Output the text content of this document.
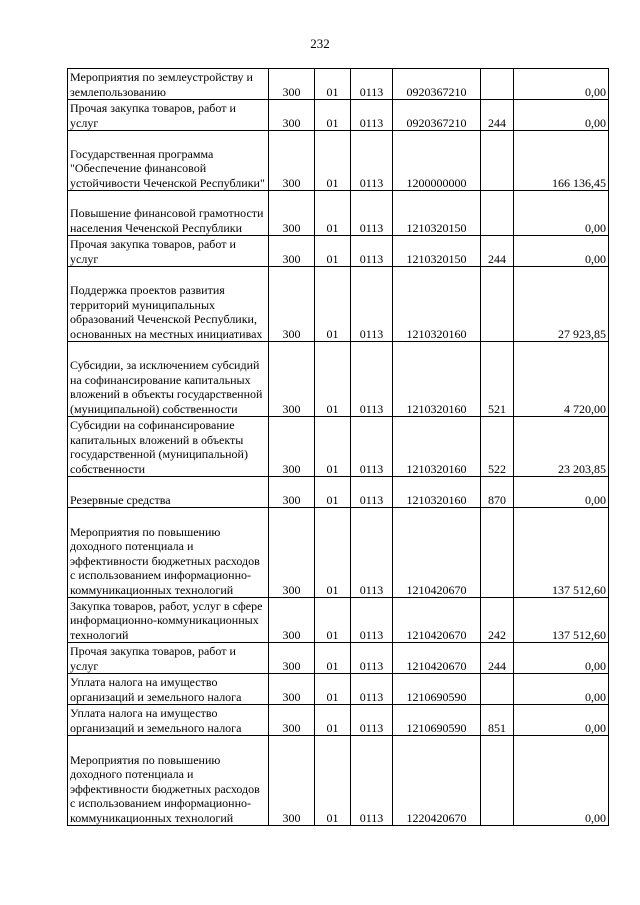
232
Мероприятия по землеустройству и землепользованию	300	01	0113	0920367210		0,00
Прочая закупка товаров, работ и услуг	300	01	0113	0920367210	244	0,00
Государственная программа "Обеспечение финансовой устойчивости Чеченской Республики"	300	01	0113	1200000000		166 136,45
Повышение финансовой грамотности населения Чеченской Республики	300	01	0113	1210320150		0,00
Прочая закупка товаров, работ и услуг	300	01	0113	1210320150	244	0,00
Поддержка проектов развития территорий муниципальных образований Чеченской Республики, основанных на местных инициативах	300	01	0113	1210320160		27 923,85
Субсидии, за исключением субсидий на софинансирование капитальных вложений в объекты государственной (муниципальной) собственности	300	01	0113	1210320160	521	4 720,00
Субсидии на софинансирование капитальных вложений в объекты государственной (муниципальной) собственности	300	01	0113	1210320160	522	23 203,85
Резервные средства	300	01	0113	1210320160	870	0,00
Мероприятия по повышению доходного потенциала и эффективности бюджетных расходов с использованием информационно-коммуникационных технологий	300	01	0113	1210420670		137 512,60
Закупка товаров, работ, услуг в сфере информационно-коммуникационных технологий	300	01	0113	1210420670	242	137 512,60
Прочая закупка товаров, работ и услуг	300	01	0113	1210420670	244	0,00
Уплата налога на имущество организаций и земельного налога	300	01	0113	1210690590		0,00
Уплата налога на имущество организаций и земельного налога	300	01	0113	1210690590	851	0,00
Мероприятия по повышению доходного потенциала и эффективности бюджетных расходов с использованием информационно-коммуникационных технологий	300	01	0113	1220420670		0,00
